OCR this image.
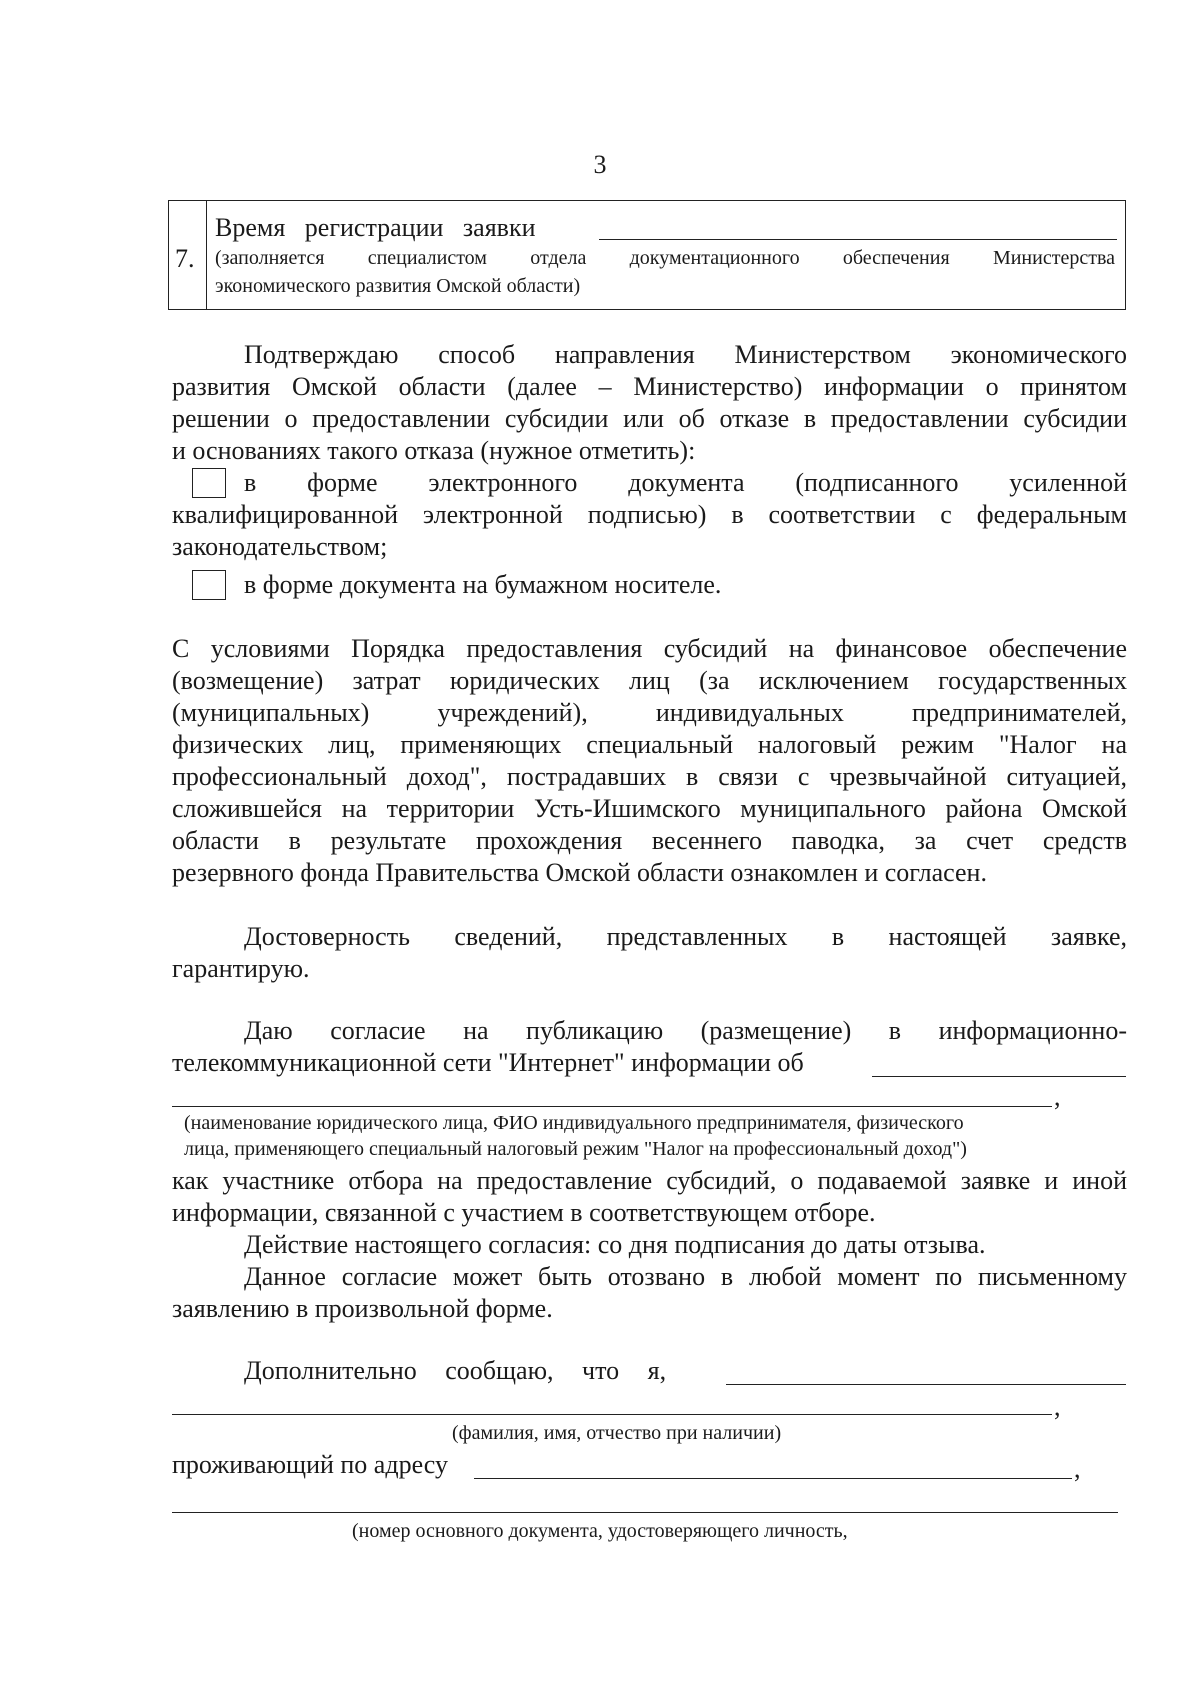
3
7.
Время   регистрации   заявки
(заполняется специалистом отдела документационного обеспечения Министерства
экономического развития Омской области)
Подтверждаю способ направления Министерством экономического
развития Омской области (далее – Министерство) информации о принятом
решении о предоставлении субсидии или об отказе в предоставлении субсидии
и основаниях такого отказа (нужное отметить):
в форме электронного документа (подписанного усиленной
квалифицированной электронной подписью) в соответствии с федеральным
законодательством;
в форме документа на бумажном носителе.
С условиями Порядка предоставления субсидий на финансовое обеспечение
(возмещение) затрат юридических лиц (за исключением государственных
(муниципальных) учреждений), индивидуальных предпринимателей,
физических лиц, применяющих специальный налоговый режим "Налог на
профессиональный доход", пострадавших в связи с чрезвычайной ситуацией,
сложившейся на территории Усть-Ишимского муниципального района Омской
области в результате прохождения весеннего паводка, за счет средств
резервного фонда Правительства Омской области ознакомлен и согласен.
Достоверность сведений, представленных в настоящей заявке,
гарантирую.
Даю согласие на публикацию (размещение) в информационно-
телекоммуникационной сети "Интернет" информации об
,
(наименование юридического лица, ФИО индивидуального предпринимателя, физического
лица, применяющего специальный налоговый режим "Налог на профессиональный доход")
как участнике отбора на предоставление субсидий, о подаваемой заявке и иной
информации, связанной с участием в соответствующем отборе.
Действие настоящего согласия: со дня подписания до даты отзыва.
Данное согласие может быть отозвано в любой момент по письменному
заявлению в произвольной форме.
Дополнительно сообщаю, что я,
,
(фамилия, имя, отчество при наличии)
проживающий по адресу	,
(номер основного документа, удостоверяющего личность,
